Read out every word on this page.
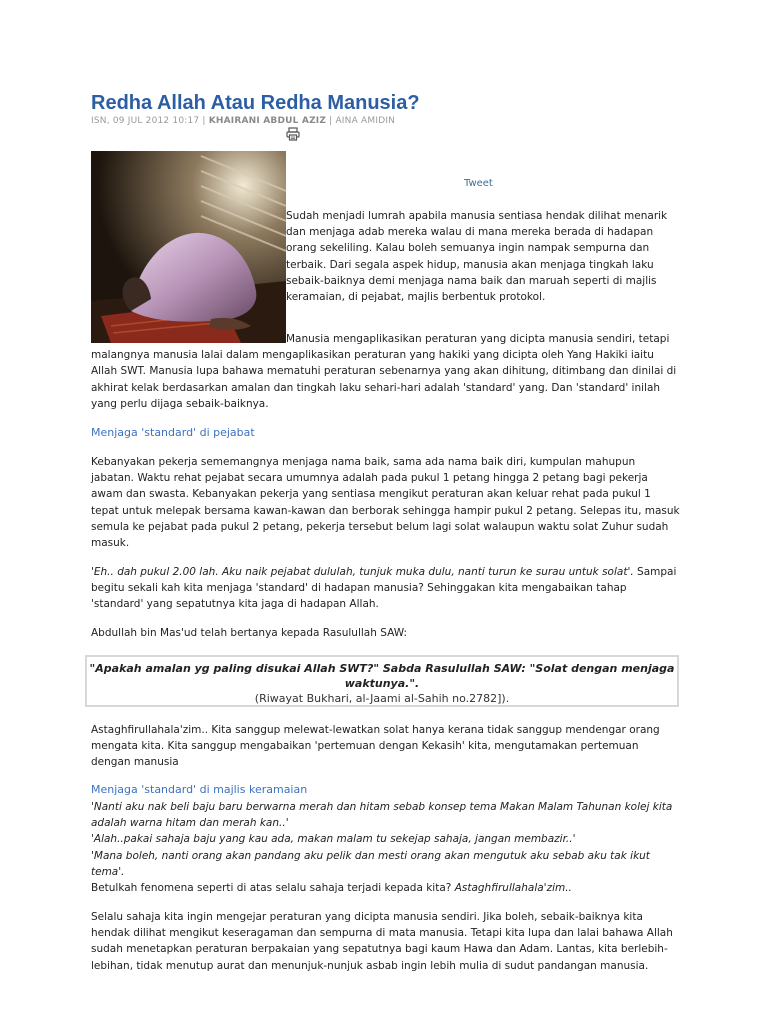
Redha Allah Atau Redha Manusia?
ISN, 09 JUL 2012 10:17 | KHAIRANI ABDUL AZIZ | AINA AMIDIN
Tweet

Sudah menjadi lumrah apabila manusia sentiasa hendak dilihat menarik dan menjaga adab mereka walau di mana mereka berada di hadapan orang sekeliling. Kalau boleh semuanya ingin nampak sempurna dan terbaik. Dari segala aspek hidup, manusia akan menjaga tingkah laku sebaik-baiknya demi menjaga nama baik dan maruah seperti di majlis keramaian, di pejabat, majlis berbentuk protokol.

Manusia mengaplikasikan peraturan yang dicipta manusia sendiri, tetapi malangnya manusia lalai dalam mengaplikasikan peraturan yang hakiki yang dicipta oleh Yang Hakiki iaitu Allah SWT. Manusia lupa bahawa mematuhi peraturan sebenarnya yang akan dihitung, ditimbang dan dinilai di akhirat kelak berdasarkan amalan dan tingkah laku sehari-hari adalah 'standard' yang. Dan 'standard' inilah yang perlu dijaga sebaik-baiknya.

Menjaga 'standard' di pejabat

Kebanyakan pekerja sememangnya menjaga nama baik, sama ada nama baik diri, kumpulan mahupun jabatan. Waktu rehat pejabat secara umumnya adalah pada pukul 1 petang hingga 2 petang bagi pekerja awam dan swasta. Kebanyakan pekerja yang sentiasa mengikut peraturan akan keluar rehat pada pukul 1 tepat untuk melepak bersama kawan-kawan dan berborak sehingga hampir pukul 2 petang. Selepas itu, masuk semula ke pejabat pada pukul 2 petang, pekerja tersebut belum lagi solat walaupun waktu solat Zuhur sudah masuk.

'Eh.. dah pukul 2.00 lah. Aku naik pejabat dululah, tunjuk muka dulu, nanti turun ke surau untuk solat'. Sampai begitu sekali kah kita menjaga 'standard' di hadapan manusia? Sehinggakan kita mengabaikan tahap 'standard' yang sepatutnya kita jaga di hadapan Allah.

Abdullah bin Mas'ud telah bertanya kepada Rasulullah SAW:

"Apakah amalan yg paling disukai Allah SWT?" Sabda Rasulullah SAW: "Solat dengan menjaga waktunya.".
(Riwayat Bukhari, al-Jaami al-Sahih no.2782]).

Astaghfirullahala'zim.. Kita sanggup melewat-lewatkan solat hanya kerana tidak sanggup mendengar orang mengata kita. Kita sanggup mengabaikan 'pertemuan dengan Kekasih' kita, mengutamakan pertemuan dengan manusia

Menjaga 'standard' di majlis keramaian

'Nanti aku nak beli baju baru berwarna merah dan hitam sebab konsep tema Makan Malam Tahunan kolej kita adalah warna hitam dan merah kan..'

'Alah..pakai sahaja baju yang kau ada, makan malam tu sekejap sahaja, jangan membazir..'

'Mana boleh, nanti orang akan pandang aku pelik dan mesti orang akan mengutuk aku sebab aku tak ikut tema'.

Betulkah fenomena seperti di atas selalu sahaja terjadi kepada kita? Astaghfirullahala'zim..

Selalu sahaja kita ingin mengejar peraturan yang dicipta manusia sendiri. Jika boleh, sebaik-baiknya kita hendak dilihat mengikut keseragaman dan sempurna di mata manusia. Tetapi kita lupa dan lalai bahawa Allah sudah menetapkan peraturan berpakaian yang sepatutnya bagi kaum Hawa dan Adam. Lantas, kita berlebih-lebihan, tidak menutup aurat dan menunjuk-nunjuk asbab ingin lebih mulia di sudut pandangan manusia.
